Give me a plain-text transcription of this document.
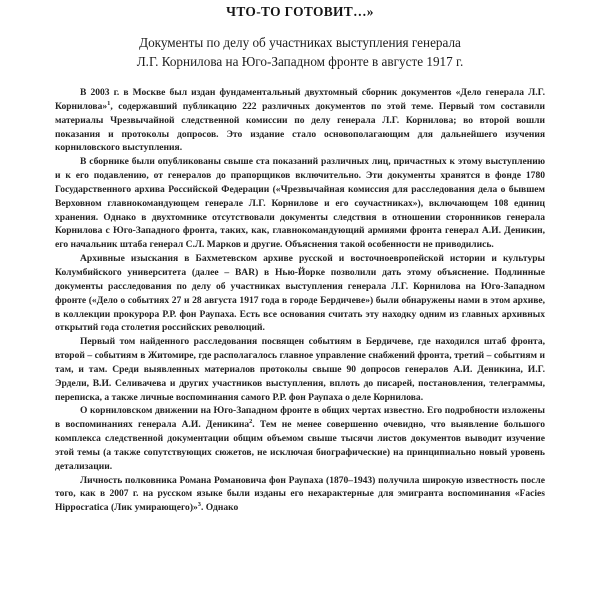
ЧТО-ТО ГОТОВИТ…»
Документы по делу об участниках выступления генерала
Л.Г. Корнилова на Юго-Западном фронте в августе 1917 г.

В 2003 г. в Москве был издан фундаментальный двухтомный сборник документов «Дело генерала Л.Г. Корнилова»$^1$, содержавший публикацию 222 различных документов по этой теме. Первый том составили материалы Чрезвычайной следственной комиссии по делу генерала Л.Г. Корнилова; во второй вошли показания и протоколы допросов. Это издание стало основополагающим для дальнейшего изучения корниловского выступления.

В сборнике были опубликованы свыше ста показаний различных лиц, причастных к этому выступлению и к его подавлению, от генералов до прапорщиков включительно. Эти документы хранятся в фонде 1780 Государственного архива Российской Федерации («Чрезвычайная комиссия для расследования дела о бывшем Верховном главнокомандующем генерале Л.Г. Корнилове и его соучастниках»), включающем 108 единиц хранения. Однако в двухтомнике отсутствовали документы следствия в отношении сторонников генерала Корнилова с Юго-Западного фронта, таких, как, главнокомандующий армиями фронта генерал А.И. Деникин, его начальник штаба генерал С.Л. Марков и другие. Объяснения такой особенности не приводились.

Архивные изыскания в Бахметевском архиве русской и восточноевропейской истории и культуры Колумбийского университета (далее – BAR) в Нью-Йорке позволили дать этому объяснение. Подлинные документы расследования по делу об участниках выступления генерала Л.Г. Корнилова на Юго-Западном фронте («Дело о событиях 27 и 28 августа 1917 года в городе Бердичеве») были обнаружены нами в этом архиве, в коллекции прокурора Р.Р. фон Раупаха. Есть все основания считать эту находку одним из главных архивных открытий года столетия российских революций.

Первый том найденного расследования посвящен событиям в Бердичеве, где находился штаб фронта, второй – событиям в Житомире, где располагалось главное управление снабжений фронта, третий – событиям и там, и там. Среди выявленных материалов протоколы свыше 90 допросов генералов А.И. Деникина, И.Г. Эрдели, В.И. Селивачева и других участников выступления, вплоть до писарей, постановления, телеграммы, переписка, а также личные воспоминания самого Р.Р. фон Раупаха о деле Корнилова.

О корниловском движении на Юго-Западном фронте в общих чертах известно. Его подробности изложены в воспоминаниях генерала А.И. Деникина$^2$. Тем не менее совершенно очевидно, что выявление большого комплекса следственной документации общим объемом свыше тысячи листов документов выводит изучение этой темы (а также сопутствующих сюжетов, не исключая биографические) на принципиально новый уровень детализации.

Личность полковника Романа Романовича фон Раупаха (1870–1943) получила широкую известность после того, как в 2007 г. на русском языке были изданы его нехарактерные для эмигранта воспоминания «Facies Hippocratica (Лик умирающего)»$^3$. Однако
